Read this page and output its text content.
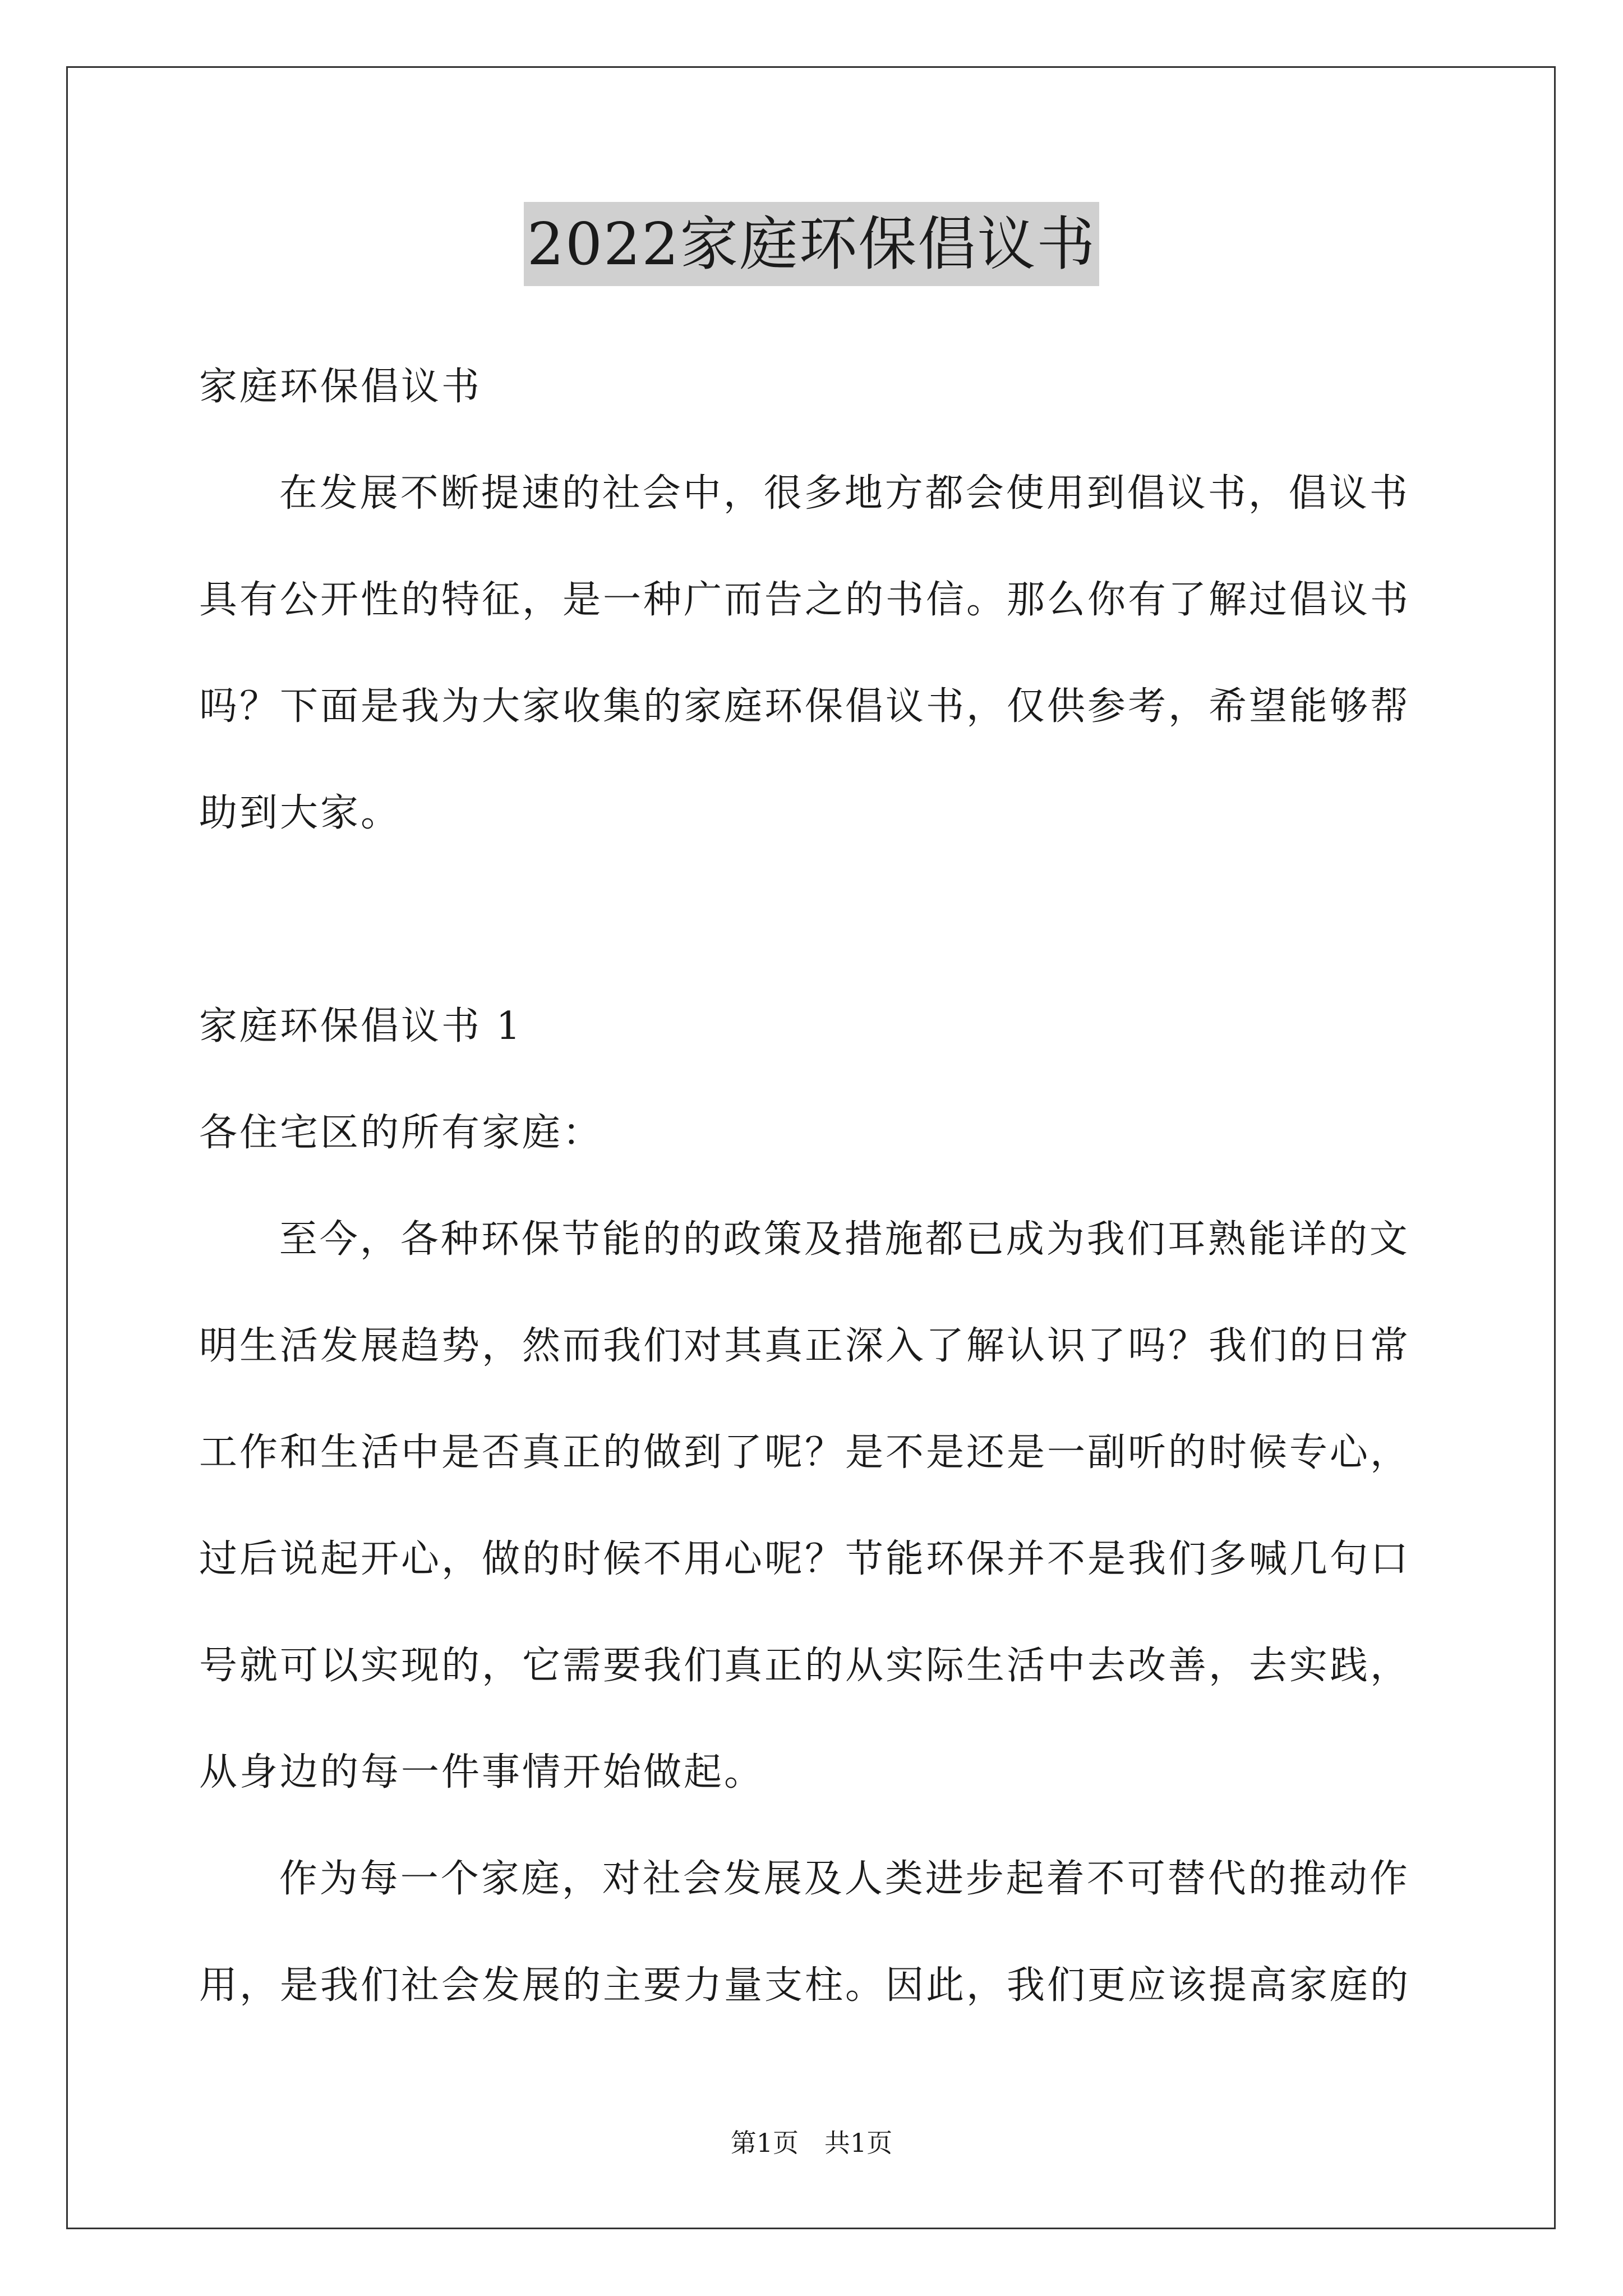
2022家庭环保倡议书

家庭环保倡议书

在发展不断提速的社会中，很多地方都会使用到倡议书，倡议书具有公开性的特征，是一种广而告之的书信。那么你有了解过倡议书吗？下面是我为大家收集的家庭环保倡议书，仅供参考，希望能够帮助到大家。

家庭环保倡议书 1

各住宅区的所有家庭：

至今，各种环保节能的的政策及措施都已成为我们耳熟能详的文明生活发展趋势，然而我们对其真正深入了解认识了吗？我们的日常工作和生活中是否真正的做到了呢？是不是还是一副听的时候专心，过后说起开心，做的时候不用心呢？节能环保并不是我们多喊几句口号就可以实现的，它需要我们真正的从实际生活中去改善，去实践，从身边的每一件事情开始做起。

作为每一个家庭，对社会发展及人类进步起着不可替代的推动作用，是我们社会发展的主要力量支柱。因此，我们更应该提高家庭的

第1页　共1页
